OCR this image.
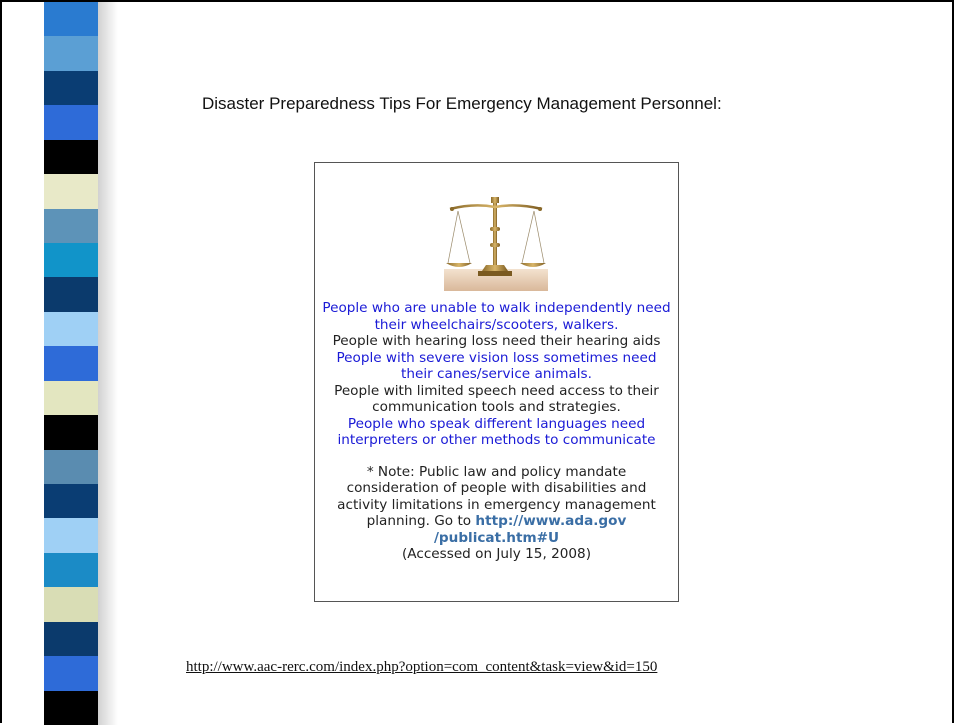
Disaster Preparedness Tips For Emergency Management Personnel:
People who are unable to walk independently need
their wheelchairs/scooters, walkers.
People with hearing loss need their hearing aids
People with severe vision loss sometimes need
their canes/service animals.
People with limited speech need access to their
communication tools and strategies.
People who speak different languages need
interpreters or other methods to communicate
* Note: Public law and policy mandate
consideration of people with disabilities and
activity limitations in emergency management
planning. Go to http://www.ada.gov
/publicat.htm#U
(Accessed on July 15, 2008)
http://www.aac-rerc.com/index.php?option=com_content&task=view&id=150
